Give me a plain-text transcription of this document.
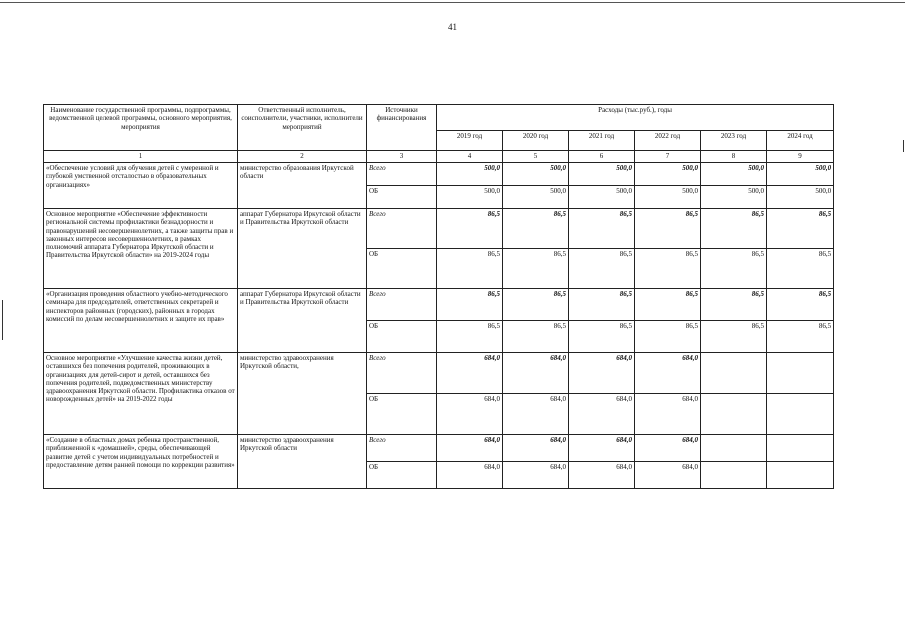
41
Наименование государственной программы, подпрограммы, ведомственной целевой программы, основного мероприятия, мероприятия	Ответственный исполнитель, соисполнители, участники, исполнители мероприятий	Источники финансирования	Расходы (тыс.руб.), годы					
			2019 год	2020 год	2021 год	2022 год	2023 год	2024 год
1	2	3	4	5	6	7	8	9
«Обеспечение условий для обучения детей с умеренной и глубокой умственной отсталостью в образовательных организациях»	министерство образования Иркутской области	Всего	500,0	500,0	500,0	500,0	500,0	500,0
		ОБ	500,0	500,0	500,0	500,0	500,0	500,0
Основное мероприятие «Обеспечение эффективности региональной системы профилактики безнадзорности и правонарушений несовершеннолетних, а также защиты прав и законных интересов несовершеннолетних, в рамках полномочий аппарата Губернатора Иркутской области и Правительства Иркутской области» на 2019-2024 годы	аппарат Губернатора Иркутской области и Правительства Иркутской области	Всего	86,5	86,5	86,5	86,5	86,5	86,5
		ОБ	86,5	86,5	86,5	86,5	86,5	86,5
«Организация проведения областного учебно-методического семинара для председателей, ответственных секретарей и инспекторов районных (городских), районных в городах комиссий по делам несовершеннолетних и защите их прав»	аппарат Губернатора Иркутской области и Правительства Иркутской области	Всего	86,5	86,5	86,5	86,5	86,5	86,5
		ОБ	86,5	86,5	86,5	86,5	86,5	86,5
Основное мероприятие «Улучшение качества жизни детей, оставшихся без попечения родителей, проживающих в организациях для детей-сирот и детей, оставшихся без попечения родителей, подведомственных министерству здравоохранения Иркутской области. Профилактика отказов от новорожденных детей» на 2019-2022 годы	министерство здравоохранения Иркутской области,	Всего	684,0	684,0	684,0	684,0		
		ОБ	684,0	684,0	684,0	684,0		
«Создание в областных домах ребенка пространственной, приближенной к «домашней», среды, обеспечивающей развитие детей с учетом индивидуальных потребностей и предоставление детям ранней помощи по коррекции развития»	министерство здравоохранения Иркутской области	Всего	684,0	684,0	684,0	684,0		
		ОБ	684,0	684,0	684,0	684,0		
